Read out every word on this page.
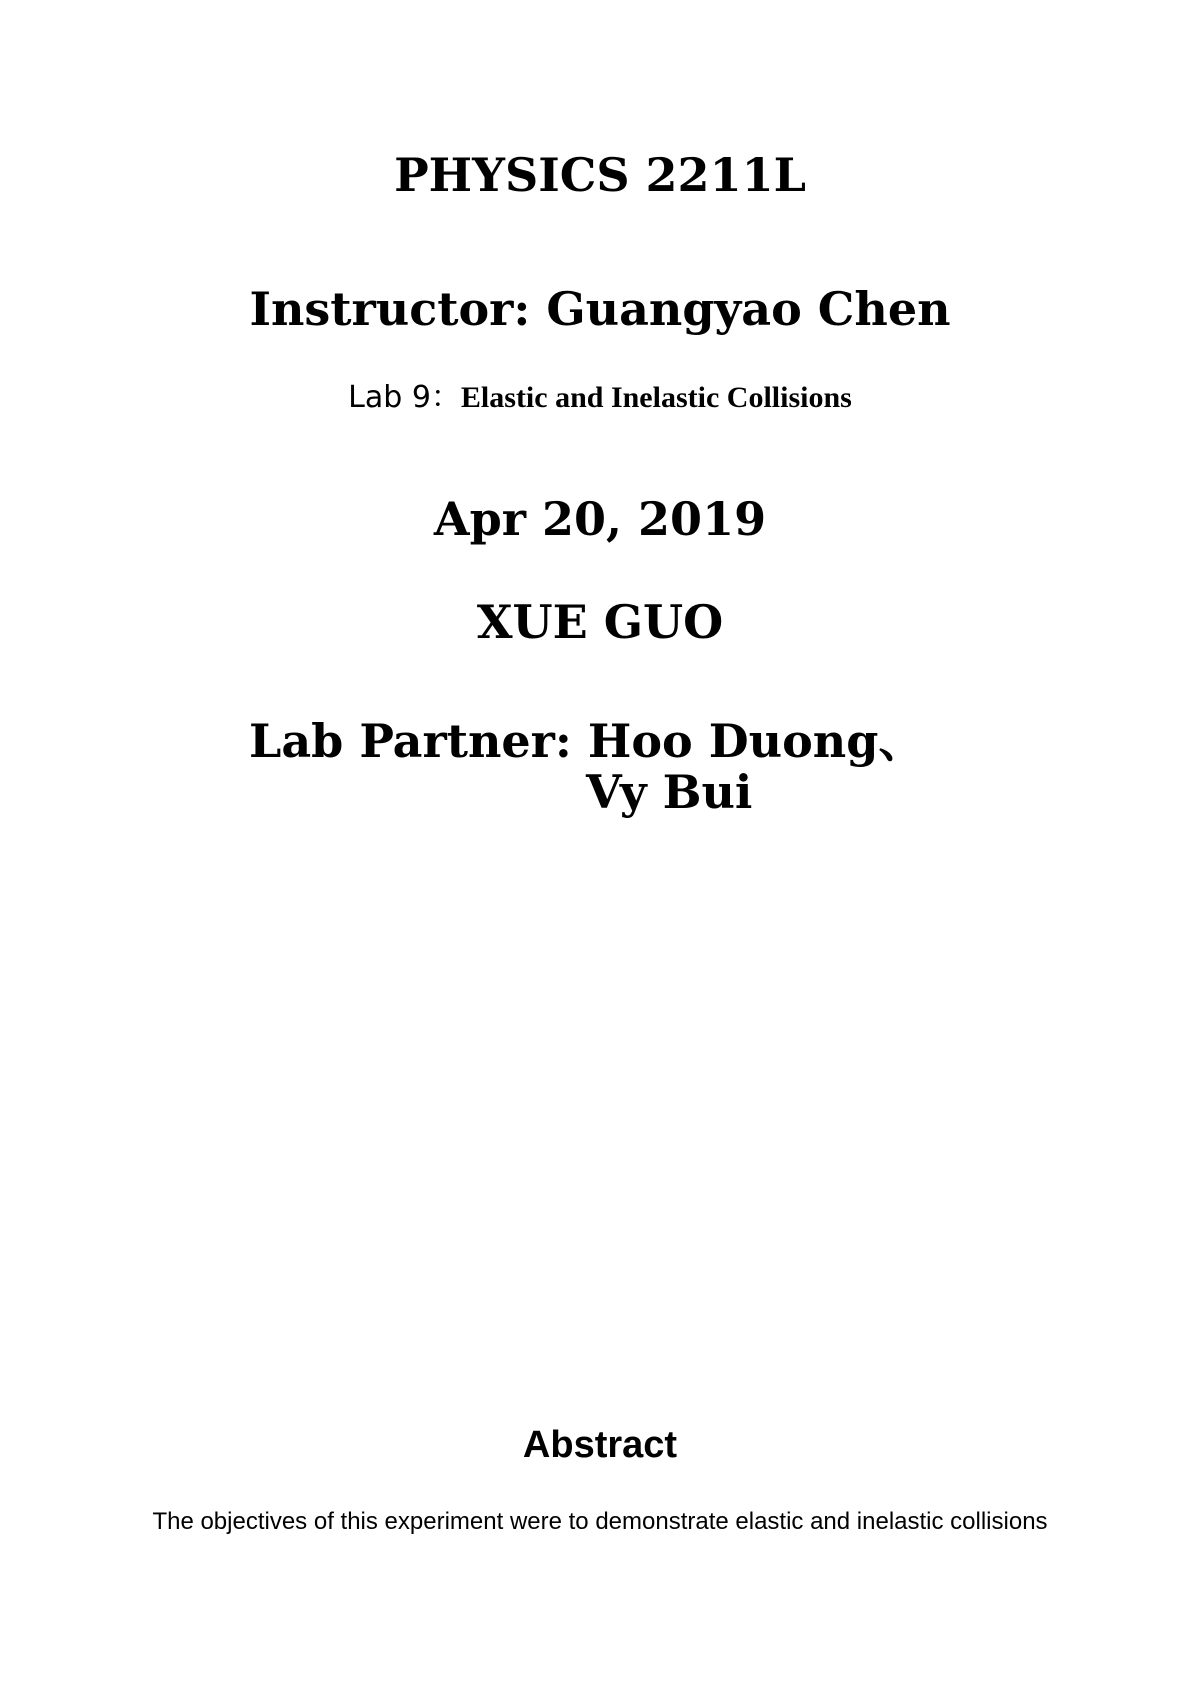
PHYSICS 2211L
Instructor: Guangyao Chen
Lab 9：Elastic and Inelastic Collisions
Apr 20, 2019
XUE GUO
Lab Partner: Hoo Duong、
Vy Bui
Abstract
The objectives of this experiment were to demonstrate elastic and inelastic collisions
